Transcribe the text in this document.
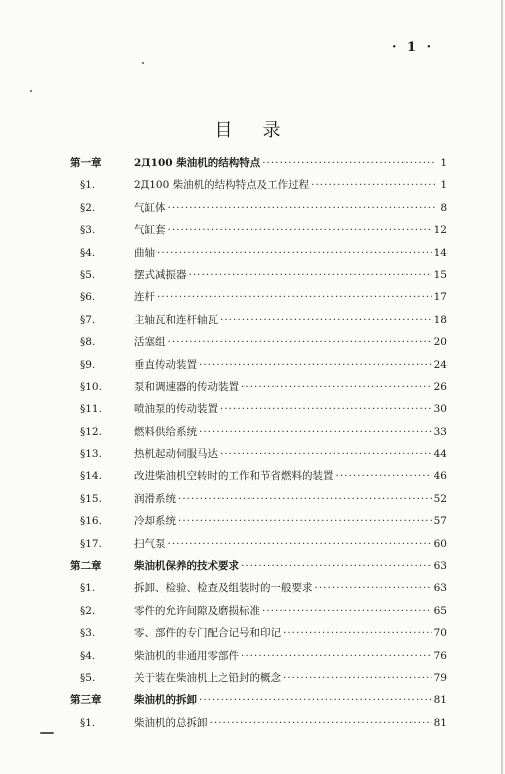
· 1 ·
目录
第一章	2Д100 柴油机的结构特点 ·····	1
§1.	2Д100 柴油机的结构特点及工作过程 ·····	1
§2.	气缸体 ·····	8
§3.	气缸套 ·····	12
§4.	曲轴 ·····	14
§5.	摆式减振器 ·····	15
§6.	连杆 ·····	17
§7.	主轴瓦和连杆轴瓦 ·····	18
§8.	活塞组 ·····	20
§9.	垂直传动装置 ·····	24
§10.	泵和调速器的传动装置 ·····	26
§11.	喷油泵的传动装置 ·····	30
§12.	燃料供给系统 ·····	33
§13.	热机起动伺服马达 ·····	44
§14.	改进柴油机空转时的工作和节省燃料的装置 ·····	46
§15.	润滑系统 ·····	52
§16.	冷却系统 ·····	57
§17.	扫气泵 ·····	60
第二章	柴油机保养的技术要求 ·····	63
§1.	拆卸、检验、检查及组装时的一般要求 ·····	63
§2.	零件的允许间隙及磨损标准 ·····	65
§3.	零、部件的专门配合记号和印记 ·····	70
§4.	柴油机的非通用零部件 ·····	76
§5.	关于装在柴油机上之铅封的概念 ·····	79
第三章	柴油机的拆卸 ·····	81
§1.	柴油机的总拆卸 ·····	81
